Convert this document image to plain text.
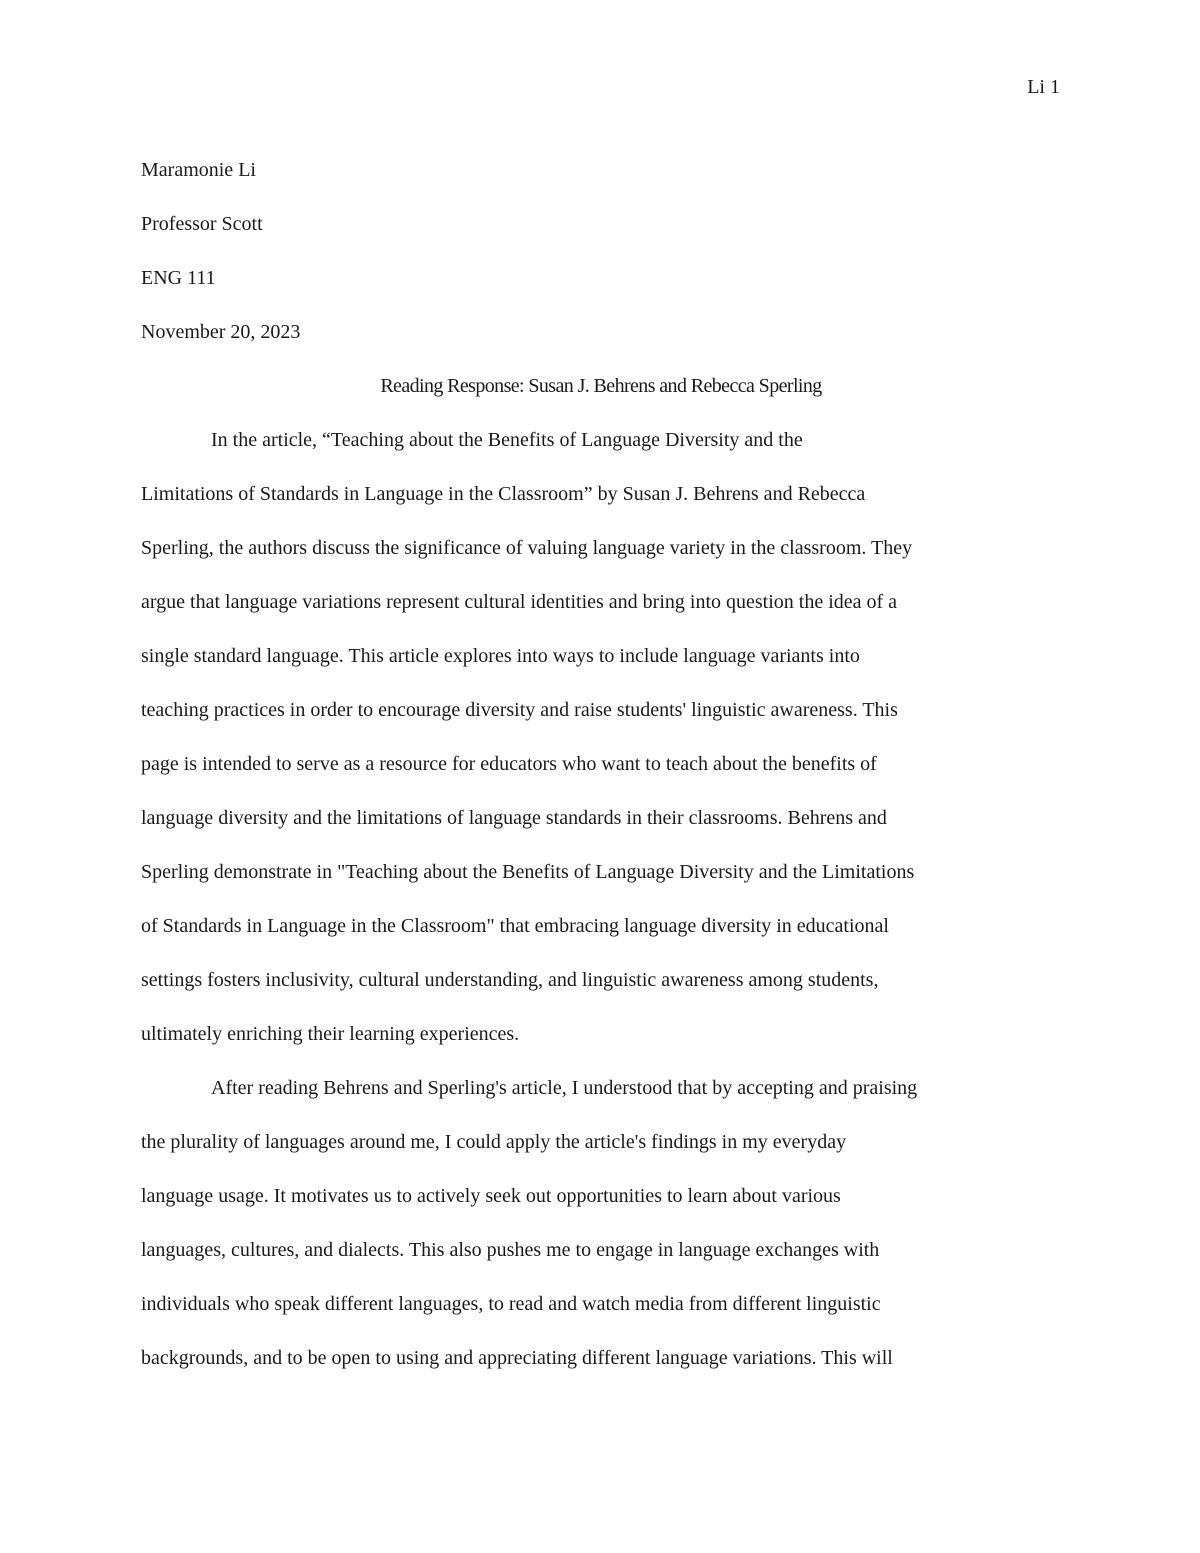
Li 1
Maramonie Li
Professor Scott
ENG 111
November 20, 2023
Reading Response: Susan J. Behrens and Rebecca Sperling
In the article, “Teaching about the Benefits of Language Diversity and the
Limitations of Standards in Language in the Classroom” by Susan J. Behrens and Rebecca
Sperling, the authors discuss the significance of valuing language variety in the classroom. They
argue that language variations represent cultural identities and bring into question the idea of a
single standard language. This article explores into ways to include language variants into
teaching practices in order to encourage diversity and raise students' linguistic awareness. This
page is intended to serve as a resource for educators who want to teach about the benefits of
language diversity and the limitations of language standards in their classrooms. Behrens and
Sperling demonstrate in "Teaching about the Benefits of Language Diversity and the Limitations
of Standards in Language in the Classroom" that embracing language diversity in educational
settings fosters inclusivity, cultural understanding, and linguistic awareness among students,
ultimately enriching their learning experiences.
After reading Behrens and Sperling's article, I understood that by accepting and praising
the plurality of languages around me, I could apply the article's findings in my everyday
language usage. It motivates us to actively seek out opportunities to learn about various
languages, cultures, and dialects. This also pushes me to engage in language exchanges with
individuals who speak different languages, to read and watch media from different linguistic
backgrounds, and to be open to using and appreciating different language variations. This will
